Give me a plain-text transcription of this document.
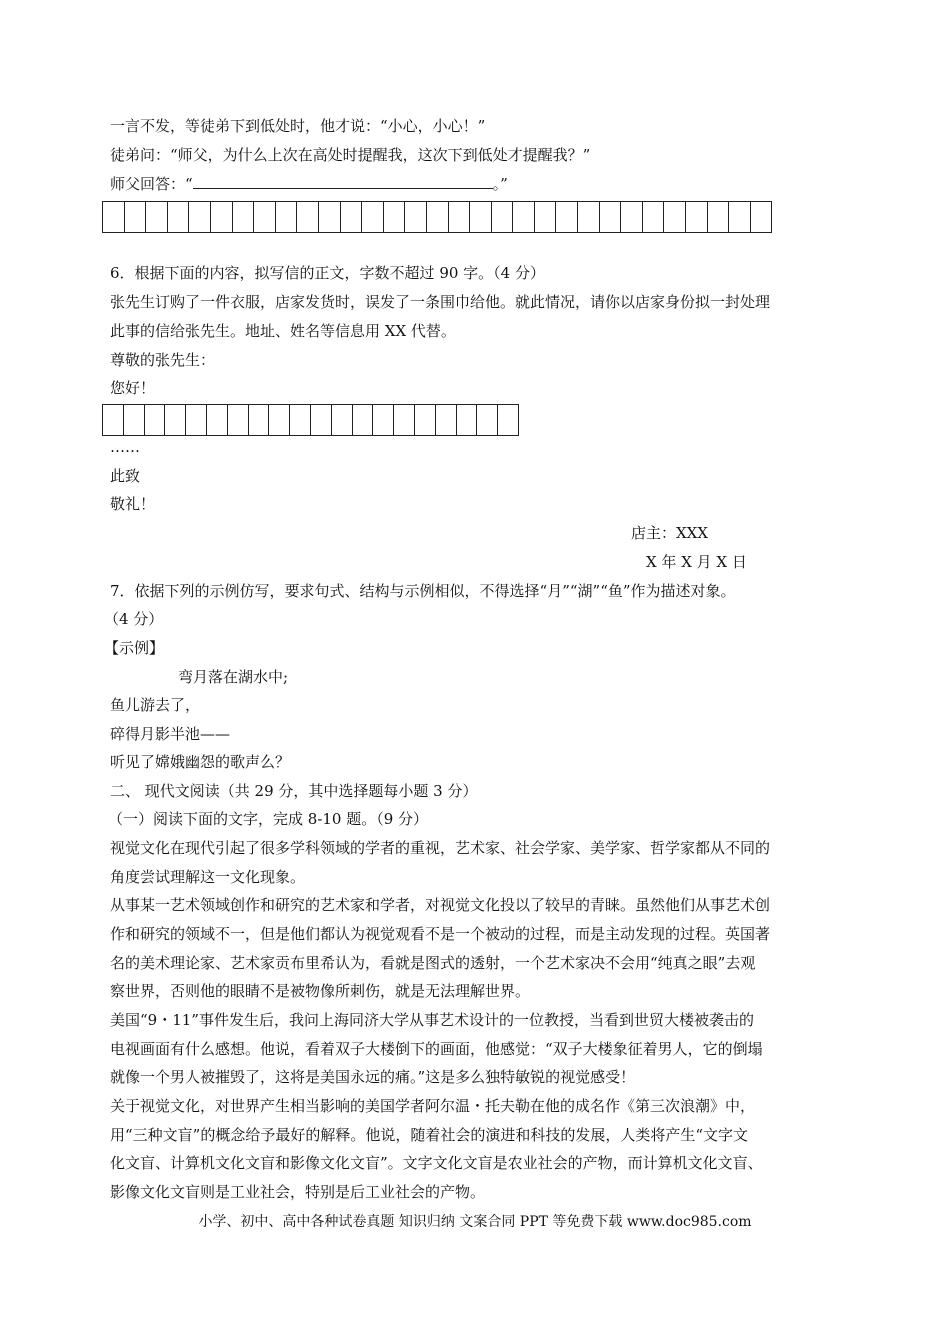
一言不发，等徒弟下到低处时，他才说：“小心，小心！”
徒弟问：“师父，为什么上次在高处时提醒我，这次下到低处才提醒我？”
师父回答：“	。”
6．根据下面的内容，拟写信的正文，字数不超过 90 字。（4 分）
张先生订购了一件衣服，店家发货时，误发了一条围巾给他。就此情况，请你以店家身份拟一封处理
此事的信给张先生。地址、姓名等信息用 XX 代替。
尊敬的张先生：
您好！
……
此致
敬礼！
店主：XXX
X 年 X 月 X 日
7．依据下列的示例仿写，要求句式、结构与示例相似，不得选择“月”“湖”“鱼”作为描述对象。
（4 分）
【示例】
弯月落在湖水中;
鱼儿游去了，
碎得月影半池——
听见了嫦娥幽怨的歌声么？
二、 现代文阅读（共 29 分，其中选择题每小题 3 分）
（一）阅读下面的文字，完成 8-10 题。（9 分）
视觉文化在现代引起了很多学科领域的学者的重视，艺术家、社会学家、美学家、哲学家都从不同的
角度尝试理解这一文化现象。
从事某一艺术领域创作和研究的艺术家和学者，对视觉文化投以了较早的青睐。虽然他们从事艺术创
作和研究的领域不一，但是他们都认为视觉观看不是一个被动的过程，而是主动发现的过程。英国著
名的美术理论家、艺术家贡布里希认为，看就是图式的透射，一个艺术家决不会用“纯真之眼”去观
察世界，否则他的眼睛不是被物像所刺伤，就是无法理解世界。
美国“9・11”事件发生后，我问上海同济大学从事艺术设计的一位教授，当看到世贸大楼被袭击的
电视画面有什么感想。他说，看着双子大楼倒下的画面，他感觉：“双子大楼象征着男人，它的倒塌
就像一个男人被摧毁了，这将是美国永远的痛。”这是多么独特敏锐的视觉感受！
关于视觉文化，对世界产生相当影响的美国学者阿尔温・托夫勒在他的成名作《第三次浪潮》中，
用“三种文盲”的概念给予最好的解释。他说，随着社会的演进和科技的发展，人类将产生“文字文
化文盲、计算机文化文盲和影像文化文盲”。文字文化文盲是农业社会的产物，而计算机文化文盲、
影像文化文盲则是工业社会，特别是后工业社会的产物。
小学、初中、高中各种试卷真题 知识归纳 文案合同 PPT 等免费下载 www.doc985.com
